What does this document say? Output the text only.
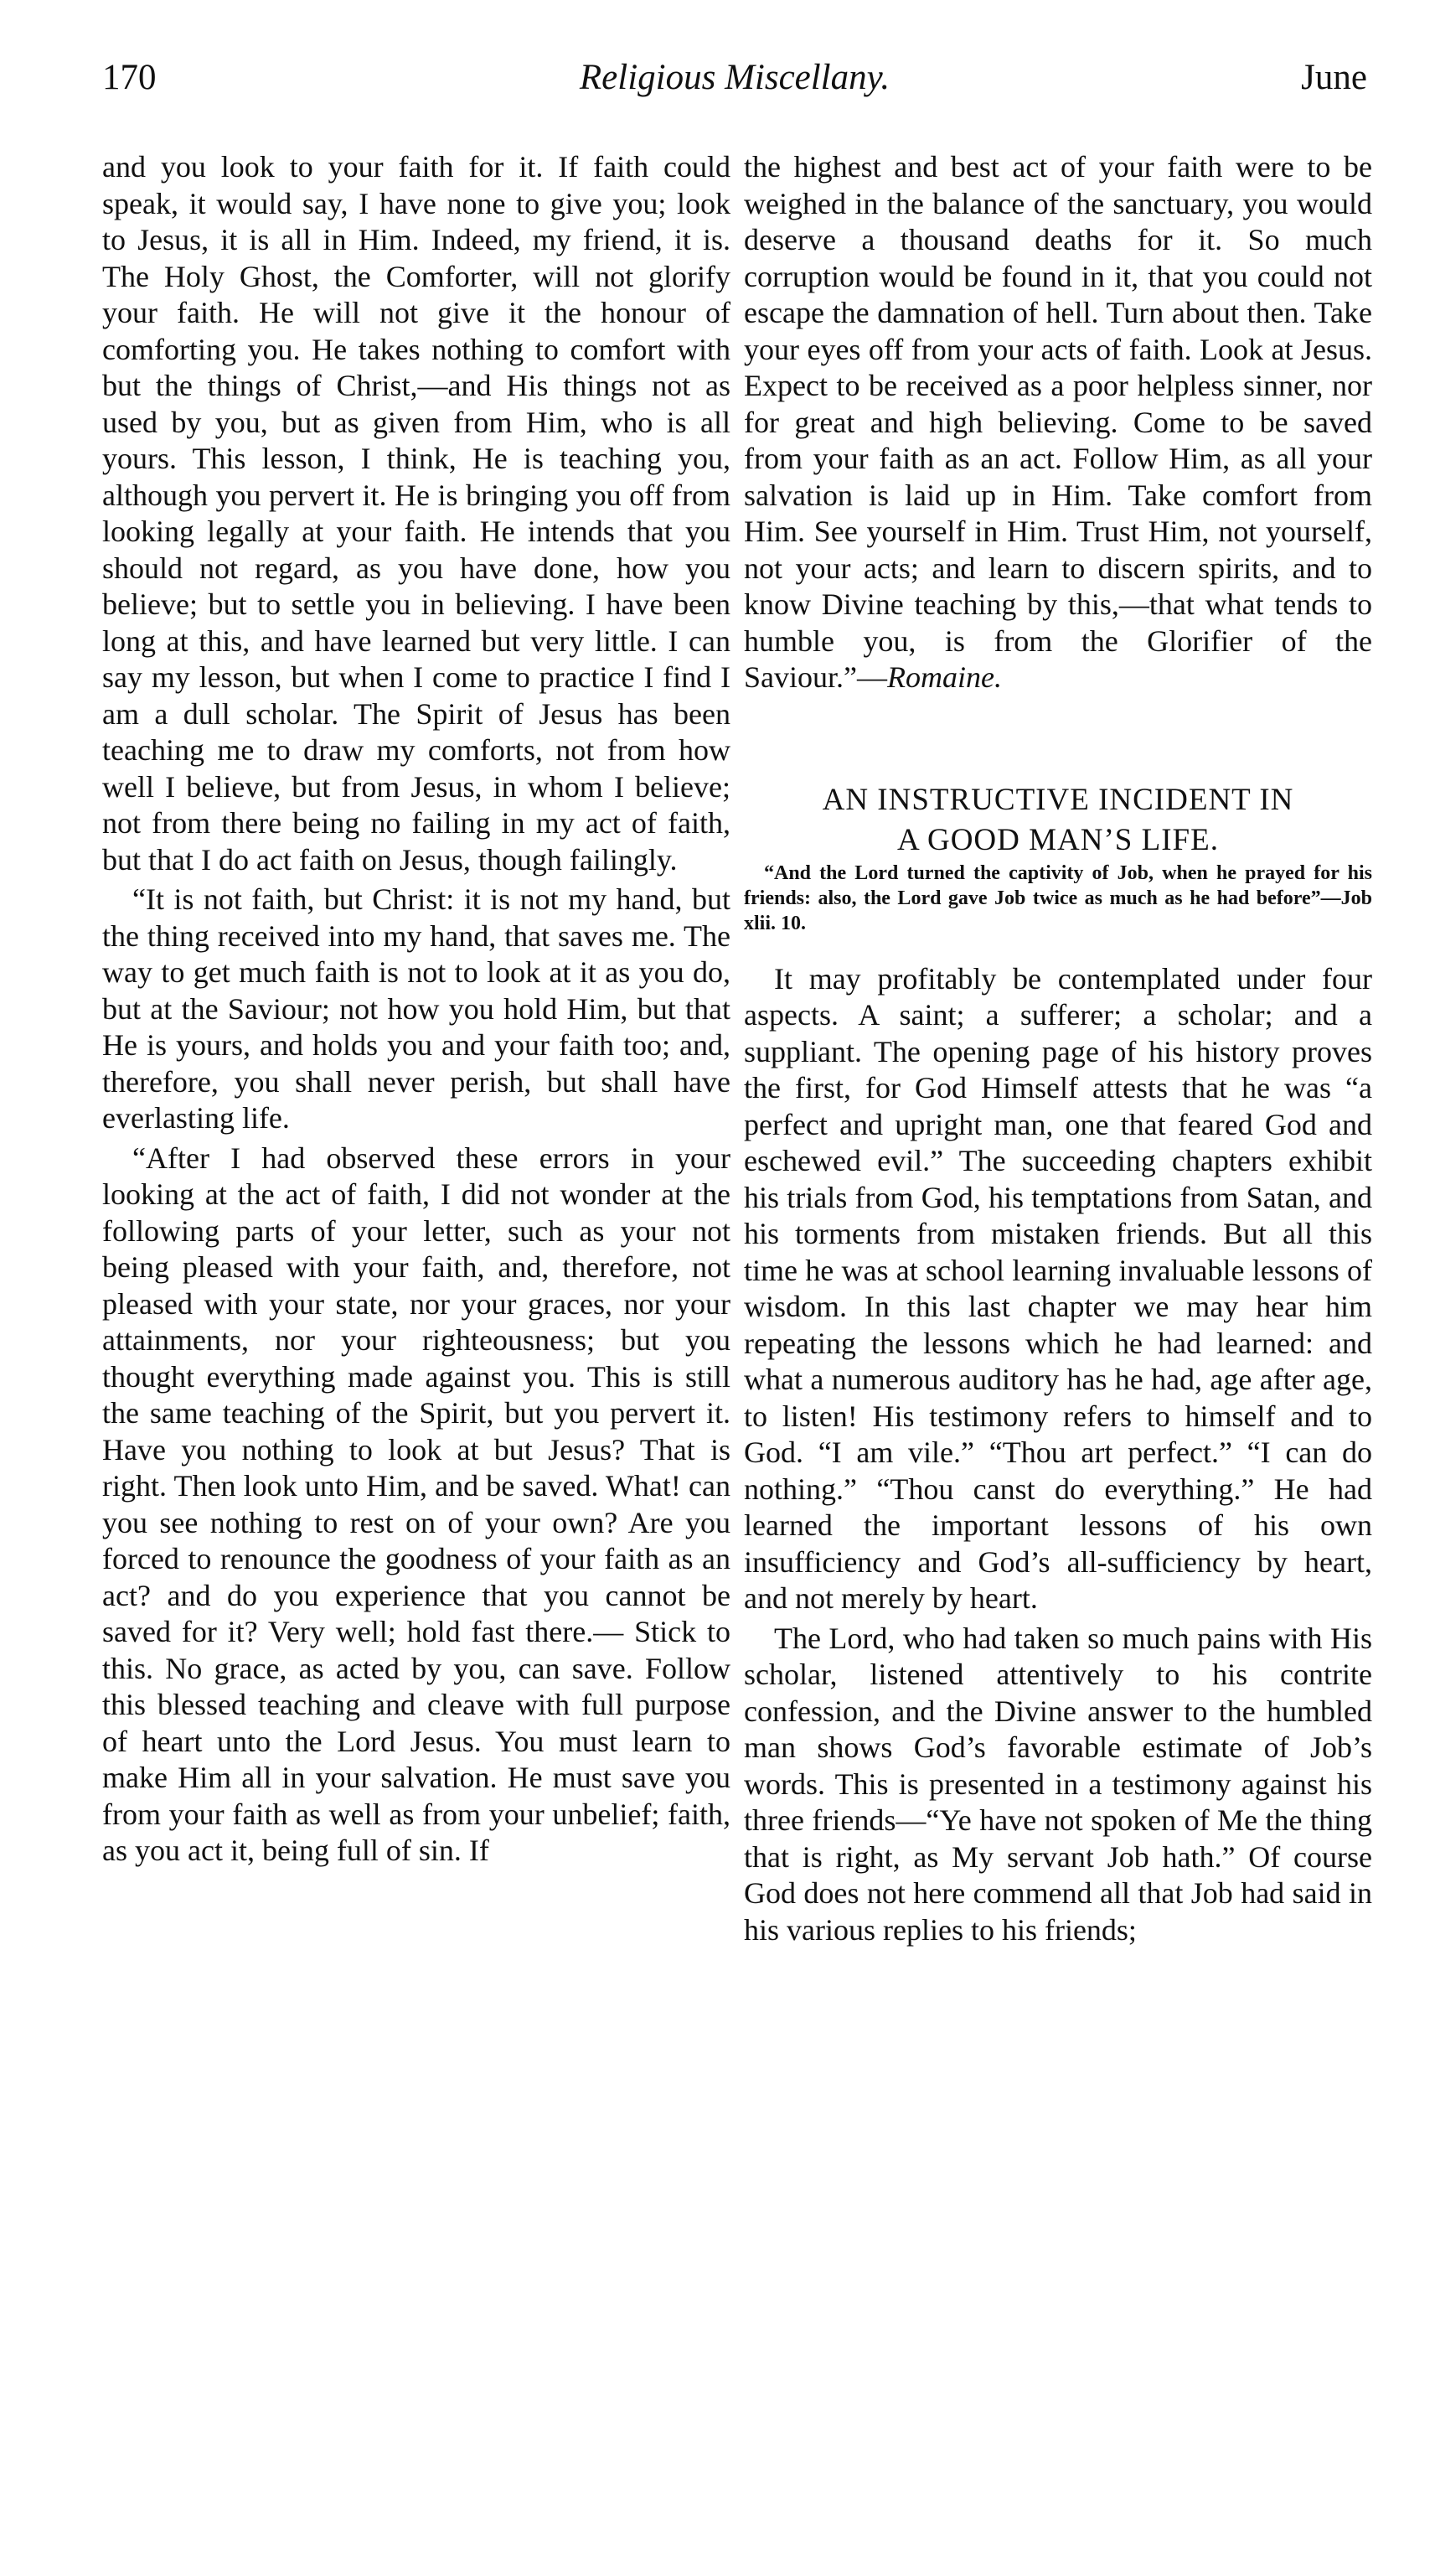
170	Religious Miscellany.	June

and you look to your faith for it. If faith could speak, it would say, I have none to give you; look to Jesus, it is all in Him. Indeed, my friend, it is. The Holy Ghost, the Comforter, will not glorify your faith. He will not give it the honour of comforting you. He takes nothing to comfort with but the things of Christ,—and His things not as used by you, but as given from Him, who is all yours. This lesson, I think, He is teaching you, although you pervert it. He is bringing you off from looking legally at your faith. He intends that you should not regard, as you have done, how you believe; but to settle you in believing. I have been long at this, and have learned but very little. I can say my lesson, but when I come to practice I find I am a dull scholar. The Spirit of Jesus has been teaching me to draw my comforts, not from how well I believe, but from Jesus, in whom I believe; not from there being no failing in my act of faith, but that I do act faith on Jesus, though failingly.

“It is not faith, but Christ: it is not my hand, but the thing received into my hand, that saves me. The way to get much faith is not to look at it as you do, but at the Saviour; not how you hold Him, but that He is yours, and holds you and your faith too; and, therefore, you shall never perish, but shall have everlasting life.

“After I had observed these errors in your looking at the act of faith, I did not wonder at the following parts of your letter, such as your not being pleased with your faith, and, therefore, not pleased with your state, nor your graces, nor your attainments, nor your righteousness; but you thought everything made against you. This is still the same teaching of the Spirit, but you pervert it. Have you nothing to look at but Jesus? That is right. Then look unto Him, and be saved. What! can you see nothing to rest on of your own? Are you forced to renounce the goodness of your faith as an act? and do you experience that you cannot be saved for it? Very well; hold fast there.— Stick to this. No grace, as acted by you, can save. Follow this blessed teaching and cleave with full purpose of heart unto the Lord Jesus. You must learn to make Him all in your salvation. He must save you from your faith as well as from your unbelief; faith, as you act it, being full of sin. If

the highest and best act of your faith were to be weighed in the balance of the sanctuary, you would deserve a thousand deaths for it. So much corruption would be found in it, that you could not escape the damnation of hell. Turn about then. Take your eyes off from your acts of faith. Look at Jesus. Expect to be received as a poor helpless sinner, nor for great and high believing. Come to be saved from your faith as an act. Follow Him, as all your salvation is laid up in Him. Take comfort from Him. See yourself in Him. Trust Him, not yourself, not your acts; and learn to discern spirits, and to know Divine teaching by this,—that what tends to humble you, is from the Glorifier of the Saviour.”—Romaine.

AN INSTRUCTIVE INCIDENT IN
A GOOD MAN’S LIFE.

“And the Lord turned the captivity of Job, when he prayed for his friends: also, the Lord gave Job twice as much as he had before”—Job xlii. 10.

It may profitably be contemplated under four aspects. A saint; a sufferer; a scholar; and a suppliant. The opening page of his history proves the first, for God Himself attests that he was “a perfect and upright man, one that feared God and eschewed evil.” The succeeding chapters exhibit his trials from God, his temptations from Satan, and his torments from mistaken friends. But all this time he was at school learning invaluable lessons of wisdom. In this last chapter we may hear him repeating the lessons which he had learned: and what a numerous auditory has he had, age after age, to listen! His testimony refers to himself and to God. “I am vile.” “Thou art perfect.” “I can do nothing.” “Thou canst do everything.” He had learned the important lessons of his own insufficiency and God’s all-sufficiency by heart, and not merely by heart.

The Lord, who had taken so much pains with His scholar, listened attentively to his contrite confession, and the Divine answer to the humbled man shows God’s favorable estimate of Job’s words. This is presented in a testimony against his three friends—“Ye have not spoken of Me the thing that is right, as My servant Job hath.” Of course God does not here commend all that Job had said in his various replies to his friends;
